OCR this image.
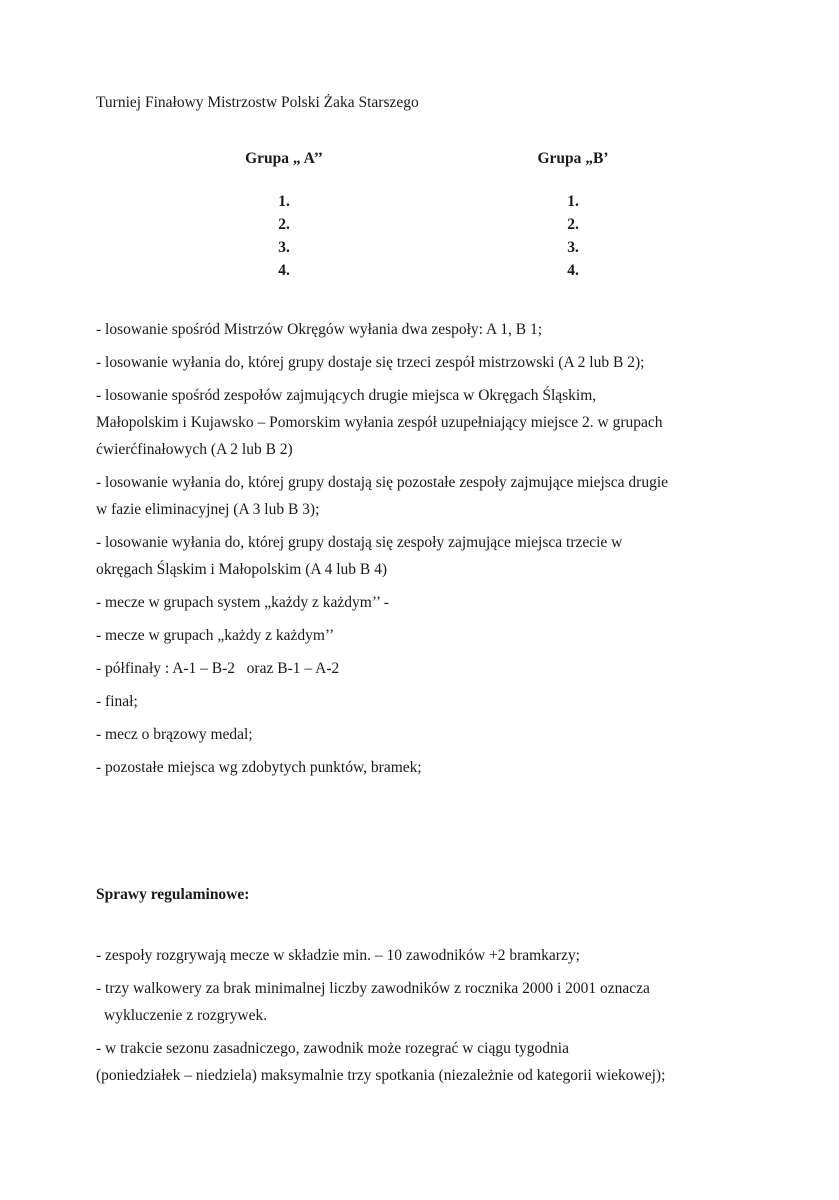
Turniej Finałowy Mistrzostw Polski Żaka Starszego
Grupa „ A’’
1.
2.
3.
4.
Grupa „B’
1.
2.
3.
4.
- losowanie spośród Mistrzów Okręgów wyłania dwa zespoły: A 1, B 1;
- losowanie wyłania do, której grupy dostaje się trzeci zespół mistrzowski (A 2 lub B 2);
- losowanie spośród zespołów zajmujących drugie miejsca w Okręgach Śląskim,
Małopolskim i Kujawsko – Pomorskim wyłania zespół uzupełniający miejsce 2. w grupach
ćwierćfinałowych (A 2 lub B 2)
- losowanie wyłania do, której grupy dostają się pozostałe zespoły zajmujące miejsca drugie
w fazie eliminacyjnej (A 3 lub B 3);
- losowanie wyłania do, której grupy dostają się zespoły zajmujące miejsca trzecie w
okręgach Śląskim i Małopolskim (A 4 lub B 4)
- mecze w grupach system „każdy z każdym’’ -
- mecze w grupach „każdy z każdym’’
- półfinały : A-1 – B-2   oraz B-1 – A-2
- finał;
- mecz o brązowy medal;
- pozostałe miejsca wg zdobytych punktów, bramek;
Sprawy regulaminowe:
- zespoły rozgrywają mecze w składzie min. – 10 zawodników +2 bramkarzy;
- trzy walkowery za brak minimalnej liczby zawodników z rocznika 2000 i 2001 oznacza
wykluczenie z rozgrywek.
- w trakcie sezonu zasadniczego, zawodnik może rozegrać w ciągu tygodnia
(poniedziałek – niedziela) maksymalnie trzy spotkania (niezależnie od kategorii wiekowej);
